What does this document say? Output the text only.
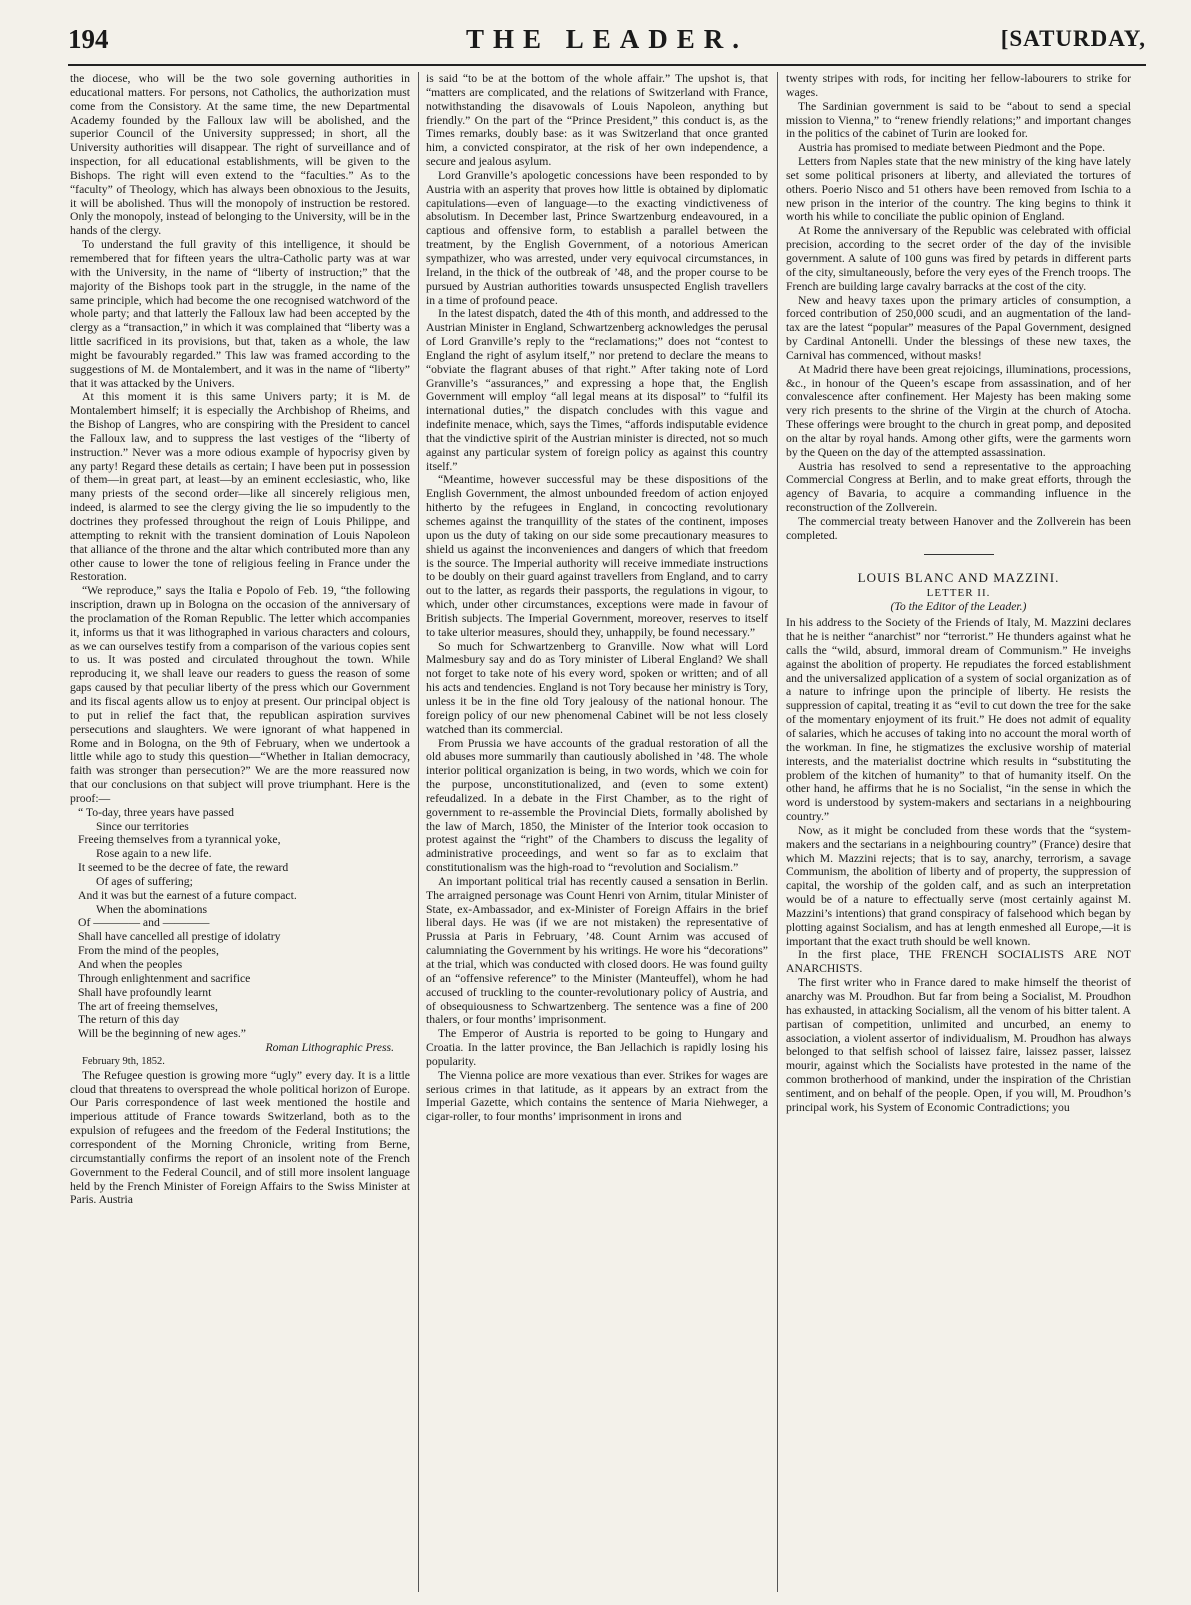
194	THE LEADER.	[SATURDAY,

the diocese, who will be the two sole governing authorities in educational matters. For persons, not Catholics, the authorization must come from the Consistory. At the same time, the new Departmental Academy founded by the Falloux law will be abolished, and the superior Council of the University suppressed; in short, all the University authorities will disappear. The right of surveillance and of inspection, for all educational establishments, will be given to the Bishops. The right will even extend to the “faculties.” As to the “faculty” of Theology, which has always been obnoxious to the Jesuits, it will be abolished. Thus will the monopoly of instruction be restored. Only the monopoly, instead of belonging to the University, will be in the hands of the clergy.

To understand the full gravity of this intelligence, it should be remembered that for fifteen years the ultra-Catholic party was at war with the University, in the name of “liberty of instruction;” that the majority of the Bishops took part in the struggle, in the name of the same principle, which had become the one recognised watchword of the whole party; and that latterly the Falloux law had been accepted by the clergy as a “transaction,” in which it was complained that “liberty was a little sacrificed in its provisions, but that, taken as a whole, the law might be favourably regarded.” This law was framed according to the suggestions of M. de Montalembert, and it was in the name of “liberty” that it was attacked by the Univers.

At this moment it is this same Univers party; it is M. de Montalembert himself; it is especially the Archbishop of Rheims, and the Bishop of Langres, who are conspiring with the President to cancel the Falloux law, and to suppress the last vestiges of the “liberty of instruction.” Never was a more odious example of hypocrisy given by any party! Regard these details as certain; I have been put in possession of them—in great part, at least—by an eminent ecclesiastic, who, like many priests of the second order—like all sincerely religious men, indeed, is alarmed to see the clergy giving the lie so impudently to the doctrines they professed throughout the reign of Louis Philippe, and attempting to reknit with the transient domination of Louis Napoleon that alliance of the throne and the altar which contributed more than any other cause to lower the tone of religious feeling in France under the Restoration.

“We reproduce,” says the Italia e Popolo of Feb. 19, “the following inscription, drawn up in Bologna on the occasion of the anniversary of the proclamation of the Roman Republic. The letter which accompanies it, informs us that it was lithographed in various characters and colours, as we can ourselves testify from a comparison of the various copies sent to us. It was posted and circulated throughout the town. While reproducing it, we shall leave our readers to guess the reason of some gaps caused by that peculiar liberty of the press which our Government and its fiscal agents allow us to enjoy at present. Our principal object is to put in relief the fact that, the republican aspiration survives persecutions and slaughters. We were ignorant of what happened in Rome and in Bologna, on the 9th of February, when we undertook a little while ago to study this question—“Whether in Italian democracy, faith was stronger than persecution?” We are the more reassured now that our conclusions on that subject will prove triumphant. Here is the proof:—

“ To-day, three years have passed
Since our territories
Freeing themselves from a tyrannical yoke,
Rose again to a new life.
It seemed to be the decree of fate, the reward
Of ages of suffering;
And it was but the earnest of a future compact.
When the abominations
Of ———— and ————
Shall have cancelled all prestige of idolatry
From the mind of the peoples,
And when the peoples
Through enlightenment and sacrifice
Shall have profoundly learnt
The art of freeing themselves,
The return of this day
Will be the beginning of new ages.”
Roman Lithographic Press.

February 9th, 1852.

The Refugee question is growing more “ugly” every day. It is a little cloud that threatens to overspread the whole political horizon of Europe. Our Paris correspondence of last week mentioned the hostile and imperious attitude of France towards Switzerland, both as to the expulsion of refugees and the freedom of the Federal Institutions; the correspondent of the Morning Chronicle, writing from Berne, circumstantially confirms the report of an insolent note of the French Government to the Federal Council, and of still more insolent language held by the French Minister of Foreign Affairs to the Swiss Minister at Paris. Austria

is said “to be at the bottom of the whole affair.” The upshot is, that “matters are complicated, and the relations of Switzerland with France, notwithstanding the disavowals of Louis Napoleon, anything but friendly.” On the part of the “Prince President,” this conduct is, as the Times remarks, doubly base: as it was Switzerland that once granted him, a convicted conspirator, at the risk of her own independence, a secure and jealous asylum.

Lord Granville’s apologetic concessions have been responded to by Austria with an asperity that proves how little is obtained by diplomatic capitulations—even of language—to the exacting vindictiveness of absolutism. In December last, Prince Swartzenburg endeavoured, in a captious and offensive form, to establish a parallel between the treatment, by the English Government, of a notorious American sympathizer, who was arrested, under very equivocal circumstances, in Ireland, in the thick of the outbreak of ’48, and the proper course to be pursued by Austrian authorities towards unsuspected English travellers in a time of profound peace.

In the latest dispatch, dated the 4th of this month, and addressed to the Austrian Minister in England, Schwartzenberg acknowledges the perusal of Lord Granville’s reply to the “reclamations;” does not “contest to England the right of asylum itself,” nor pretend to declare the means to “obviate the flagrant abuses of that right.” After taking note of Lord Granville’s “assurances,” and expressing a hope that, the English Government will employ “all legal means at its disposal” to “fulfil its international duties,” the dispatch concludes with this vague and indefinite menace, which, says the Times, “affords indisputable evidence that the vindictive spirit of the Austrian minister is directed, not so much against any particular system of foreign policy as against this country itself.”

“Meantime, however successful may be these dispositions of the English Government, the almost unbounded freedom of action enjoyed hitherto by the refugees in England, in concocting revolutionary schemes against the tranquillity of the states of the continent, imposes upon us the duty of taking on our side some precautionary measures to shield us against the inconveniences and dangers of which that freedom is the source. The Imperial authority will receive immediate instructions to be doubly on their guard against travellers from England, and to carry out to the latter, as regards their passports, the regulations in vigour, to which, under other circumstances, exceptions were made in favour of British subjects. The Imperial Government, moreover, reserves to itself to take ulterior measures, should they, unhappily, be found necessary.”

So much for Schwartzenberg to Granville. Now what will Lord Malmesbury say and do as Tory minister of Liberal England? We shall not forget to take note of his every word, spoken or written; and of all his acts and tendencies. England is not Tory because her ministry is Tory, unless it be in the fine old Tory jealousy of the national honour. The foreign policy of our new phenomenal Cabinet will be not less closely watched than its commercial.

From Prussia we have accounts of the gradual restoration of all the old abuses more summarily than cautiously abolished in ’48. The whole interior political organization is being, in two words, which we coin for the purpose, unconstitutionalized, and (even to some extent) refeudalized. In a debate in the First Chamber, as to the right of government to re-assemble the Provincial Diets, formally abolished by the law of March, 1850, the Minister of the Interior took occasion to protest against the “right” of the Chambers to discuss the legality of administrative proceedings, and went so far as to exclaim that constitutionalism was the high-road to “revolution and Socialism.”

An important political trial has recently caused a sensation in Berlin. The arraigned personage was Count Henri von Arnim, titular Minister of State, ex-Ambassador, and ex-Minister of Foreign Affairs in the brief liberal days. He was (if we are not mistaken) the representative of Prussia at Paris in February, ’48. Count Arnim was accused of calumniating the Government by his writings. He wore his “decorations” at the trial, which was conducted with closed doors. He was found guilty of an “offensive reference” to the Minister (Manteuffel), whom he had accused of truckling to the counter-revolutionary policy of Austria, and of obsequiousness to Schwartzenberg. The sentence was a fine of 200 thalers, or four months’ imprisonment.

The Emperor of Austria is reported to be going to Hungary and Croatia. In the latter province, the Ban Jellachich is rapidly losing his popularity.

The Vienna police are more vexatious than ever. Strikes for wages are serious crimes in that latitude, as it appears by an extract from the Imperial Gazette, which contains the sentence of Maria Niehweger, a cigar-roller, to four months’ imprisonment in irons and

twenty stripes with rods, for inciting her fellow-labourers to strike for wages.

The Sardinian government is said to be “about to send a special mission to Vienna,” to “renew friendly relations;” and important changes in the politics of the cabinet of Turin are looked for.

Austria has promised to mediate between Piedmont and the Pope.

Letters from Naples state that the new ministry of the king have lately set some political prisoners at liberty, and alleviated the tortures of others. Poerio Nisco and 51 others have been removed from Ischia to a new prison in the interior of the country. The king begins to think it worth his while to conciliate the public opinion of England.

At Rome the anniversary of the Republic was celebrated with official precision, according to the secret order of the day of the invisible government. A salute of 100 guns was fired by petards in different parts of the city, simultaneously, before the very eyes of the French troops. The French are building large cavalry barracks at the cost of the city.

New and heavy taxes upon the primary articles of consumption, a forced contribution of 250,000 scudi, and an augmentation of the land-tax are the latest “popular” measures of the Papal Government, designed by Cardinal Antonelli. Under the blessings of these new taxes, the Carnival has commenced, without masks!

At Madrid there have been great rejoicings, illuminations, processions, &c., in honour of the Queen’s escape from assassination, and of her convalescence after confinement. Her Majesty has been making some very rich presents to the shrine of the Virgin at the church of Atocha. These offerings were brought to the church in great pomp, and deposited on the altar by royal hands. Among other gifts, were the garments worn by the Queen on the day of the attempted assassination.

Austria has resolved to send a representative to the approaching Commercial Congress at Berlin, and to make great efforts, through the agency of Bavaria, to acquire a commanding influence in the reconstruction of the Zollverein.

The commercial treaty between Hanover and the Zollverein has been completed.

LOUIS BLANC AND MAZZINI.
LETTER II.
(To the Editor of the Leader.)

In his address to the Society of the Friends of Italy, M. Mazzini declares that he is neither “anarchist” nor “terrorist.” He thunders against what he calls the “wild, absurd, immoral dream of Communism.” He inveighs against the abolition of property. He repudiates the forced establishment and the universalized application of a system of social organization as of a nature to infringe upon the principle of liberty. He resists the suppression of capital, treating it as “evil to cut down the tree for the sake of the momentary enjoyment of its fruit.” He does not admit of equality of salaries, which he accuses of taking into no account the moral worth of the workman. In fine, he stigmatizes the exclusive worship of material interests, and the materialist doctrine which results in “substituting the problem of the kitchen of humanity” to that of humanity itself. On the other hand, he affirms that he is no Socialist, “in the sense in which the word is understood by system-makers and sectarians in a neighbouring country.”

Now, as it might be concluded from these words that the “system-makers and the sectarians in a neighbouring country” (France) desire that which M. Mazzini rejects; that is to say, anarchy, terrorism, a savage Communism, the abolition of liberty and of property, the suppression of capital, the worship of the golden calf, and as such an interpretation would be of a nature to effectually serve (most certainly against M. Mazzini’s intentions) that grand conspiracy of falsehood which began by plotting against Socialism, and has at length enmeshed all Europe,—it is important that the exact truth should be well known.

In the first place, THE FRENCH SOCIALISTS ARE NOT ANARCHISTS.

The first writer who in France dared to make himself the theorist of anarchy was M. Proudhon. But far from being a Socialist, M. Proudhon has exhausted, in attacking Socialism, all the venom of his bitter talent. A partisan of competition, unlimited and uncurbed, an enemy to association, a violent assertor of individualism, M. Proudhon has always belonged to that selfish school of laissez faire, laissez passer, laissez mourir, against which the Socialists have protested in the name of the common brotherhood of mankind, under the inspiration of the Christian sentiment, and on behalf of the people. Open, if you will, M. Proudhon’s principal work, his System of Economic Contradictions; you
